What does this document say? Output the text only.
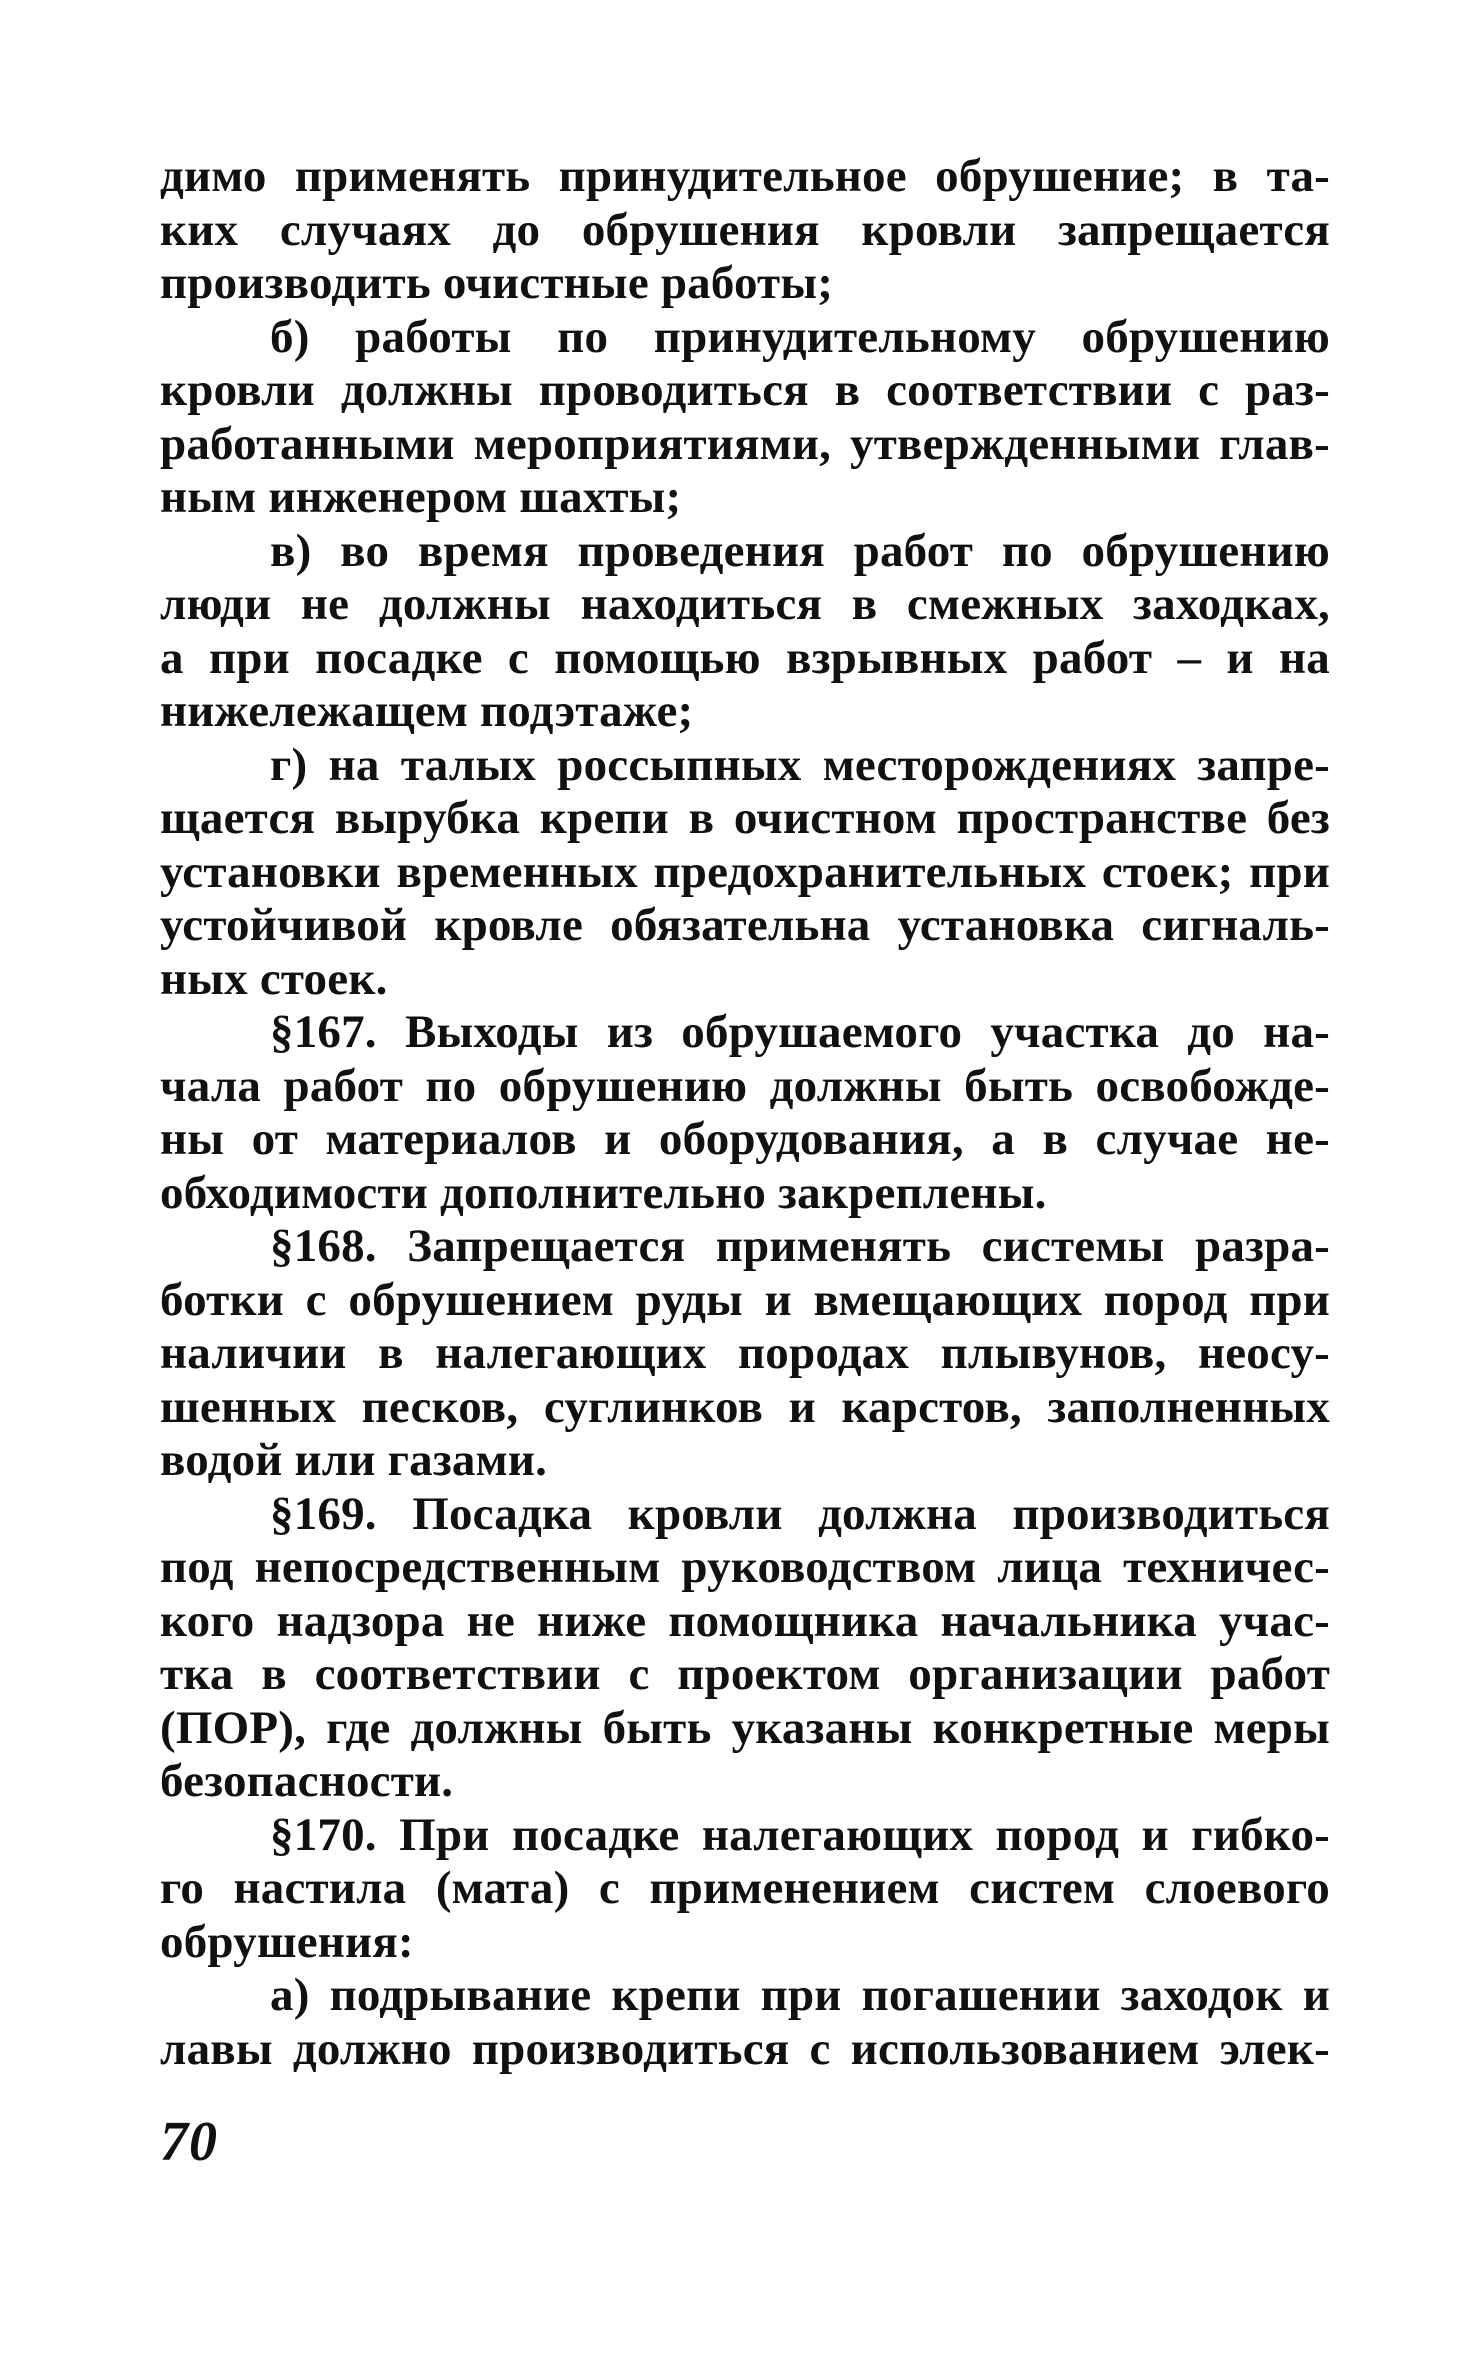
димо применять принудительное обрушение; в та-
ких случаях до обрушения кровли запрещается
производить очистные работы;
б) работы по принудительному обрушению
кровли должны проводиться в соответствии с раз-
работанными мероприятиями, утвержденными глав-
ным инженером шахты;
в) во время проведения работ по обрушению
люди не должны находиться в смежных заходках,
а при посадке с помощью взрывных работ – и на
нижележащем подэтаже;
г) на талых россыпных месторождениях запре-
щается вырубка крепи в очистном пространстве без
установки временных предохранительных стоек; при
устойчивой кровле обязательна установка сигналь-
ных стоек.
§167. Выходы из обрушаемого участка до на-
чала работ по обрушению должны быть освобожде-
ны от материалов и оборудования, а в случае не-
обходимости дополнительно закреплены.
§168. Запрещается применять системы разра-
ботки с обрушением руды и вмещающих пород при
наличии в налегающих породах плывунов, неосу-
шенных песков, суглинков и карстов, заполненных
водой или газами.
§169. Посадка кровли должна производиться
под непосредственным руководством лица техничес-
кого надзора не ниже помощника начальника учас-
тка в соответствии с проектом организации работ
(ПОР), где должны быть указаны конкретные меры
безопасности.
§170. При посадке налегающих пород и гибко-
го настила (мата) с применением систем слоевого
обрушения:
а) подрывание крепи при погашении заходок и
лавы должно производиться с использованием элек-
70
